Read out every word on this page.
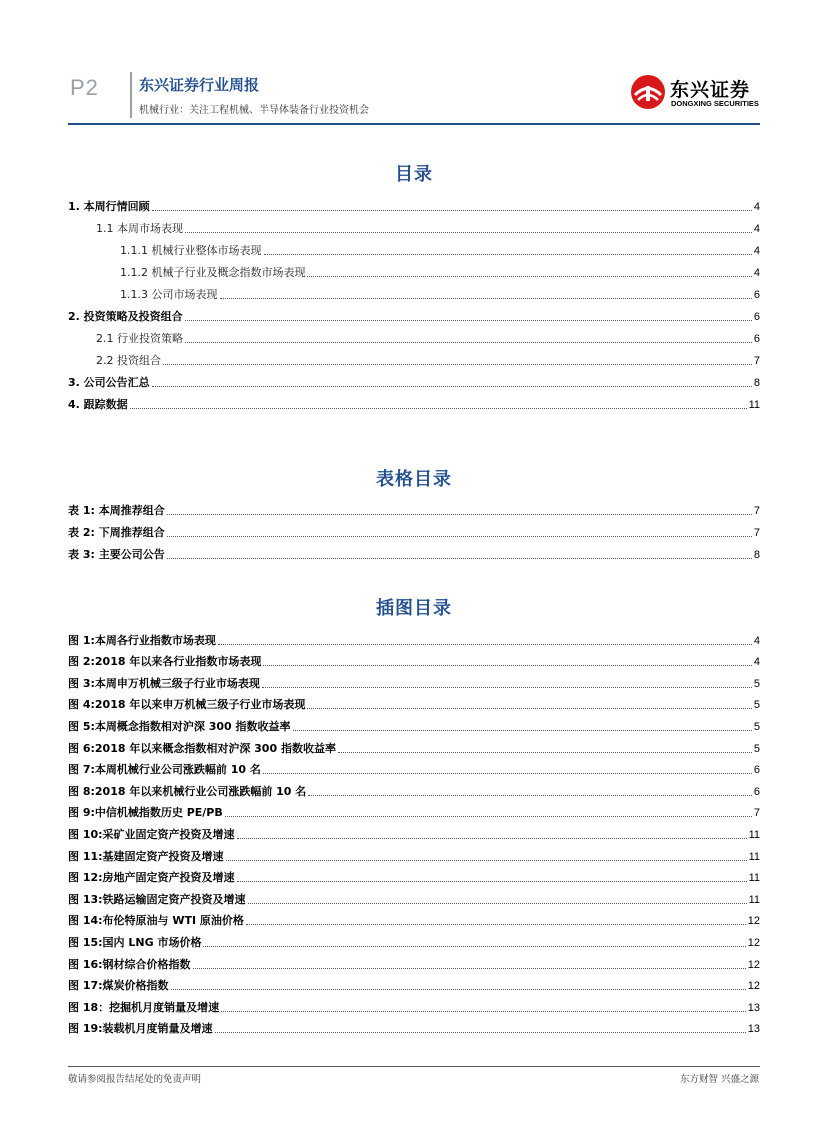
P2	东兴证券行业周报
机械行业：关注工程机械、半导体装备行业投资机会
东兴证券
DONGXING SECURITIES
目录
1. 本周行情回顾	4
1.1 本周市场表现	4
1.1.1 机械行业整体市场表现	4
1.1.2 机械子行业及概念指数市场表现	4
1.1.3 公司市场表现	6
2. 投资策略及投资组合	6
2.1 行业投资策略	6
2.2 投资组合	7
3. 公司公告汇总	8
4. 跟踪数据	11
表格目录
表 1: 本周推荐组合	7
表 2: 下周推荐组合	7
表 3: 主要公司公告	8
插图目录
图 1:本周各行业指数市场表现	4
图 2:2018 年以来各行业指数市场表现	4
图 3:本周申万机械三级子行业市场表现	5
图 4:2018 年以来申万机械三级子行业市场表现	5
图 5:本周概念指数相对沪深 300 指数收益率	5
图 6:2018 年以来概念指数相对沪深 300 指数收益率	5
图 7:本周机械行业公司涨跌幅前 10 名	6
图 8:2018 年以来机械行业公司涨跌幅前 10 名	6
图 9:中信机械指数历史 PE/PB	7
图 10:采矿业固定资产投资及增速	11
图 11:基建固定资产投资及增速	11
图 12:房地产固定资产投资及增速	11
图 13:铁路运输固定资产投资及增速	11
图 14:布伦特原油与 WTI 原油价格	12
图 15:国内 LNG 市场价格	12
图 16:钢材综合价格指数	12
图 17:煤炭价格指数	12
图 18：挖掘机月度销量及增速	13
图 19:装载机月度销量及增速	13
敬请参阅报告结尾处的免责声明	东方财智 兴盛之源
